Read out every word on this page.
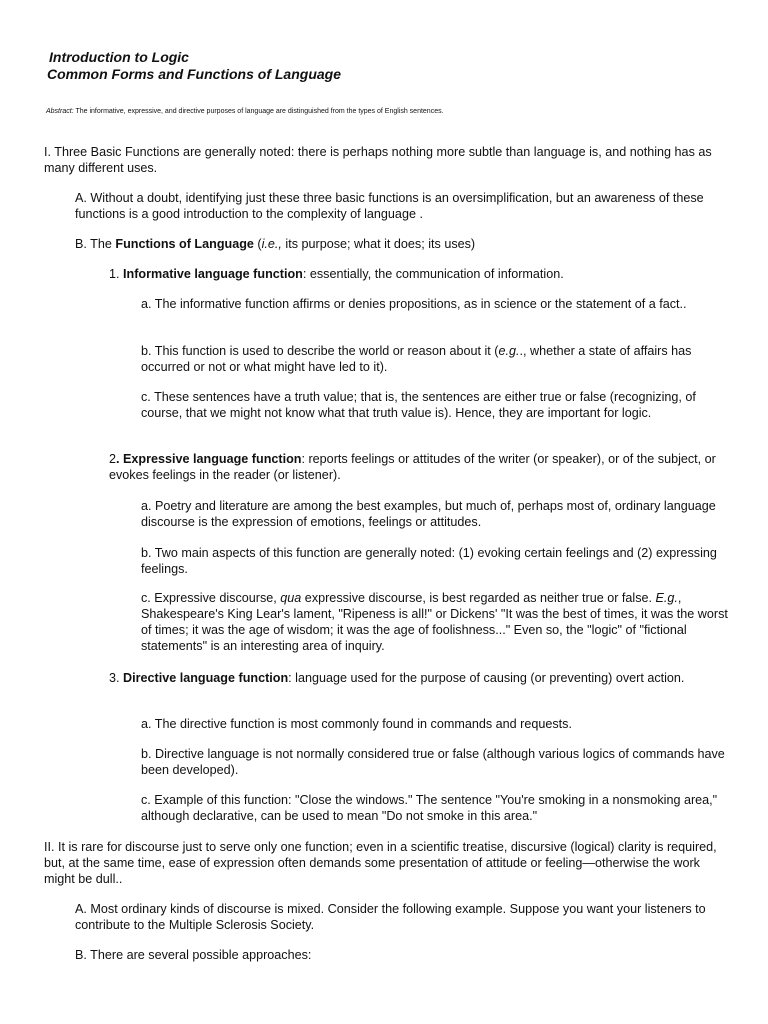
Introduction to Logic

Common Forms and Functions of Language

Abstract: The informative, expressive, and directive purposes of language are distinguished from the types of English sentences.

I. Three Basic Functions are generally noted: there is perhaps nothing more subtle than language is, and nothing has as many different uses.

A. Without a doubt, identifying just these three basic functions is an oversimplification, but an awareness of these functions is a good introduction to the complexity of language .

B. The Functions of Language (i.e., its purpose; what it does; its uses)

1. Informative language function: essentially, the communication of information.

a. The informative function affirms or denies propositions, as in science or the statement of a fact..

b. This function is used to describe the world or reason about it (e.g.., whether a state of affairs has occurred or not or what might have led to it).

c. These sentences have a truth value; that is, the sentences are either true or false (recognizing, of course, that we might not know what that truth value is). Hence, they are important for logic.

2. Expressive language function: reports feelings or attitudes of the writer (or speaker), or of the subject, or evokes feelings in the reader (or listener).

a. Poetry and literature are among the best examples, but much of, perhaps most of, ordinary language discourse is the expression of emotions, feelings or attitudes.

b. Two main aspects of this function are generally noted: (1) evoking certain feelings and (2) expressing feelings.

c. Expressive discourse, qua expressive discourse, is best regarded as neither true or false. E.g., Shakespeare's King Lear's lament, "Ripeness is all!" or Dickens' "It was the best of times, it was the worst of times; it was the age of wisdom; it was the age of foolishness..." Even so, the "logic" of "fictional statements" is an interesting area of inquiry.

3. Directive language function: language used for the purpose of causing (or preventing) overt action.

a. The directive function is most commonly found in commands and requests.

b. Directive language is not normally considered true or false (although various logics of commands have been developed).

c. Example of this function: "Close the windows." The sentence "You're smoking in a nonsmoking area," although declarative, can be used to mean "Do not smoke in this area."

II. It is rare for discourse just to serve only one function; even in a scientific treatise, discursive (logical) clarity is required, but, at the same time, ease of expression often demands some presentation of attitude or feeling—otherwise the work might be dull..

A. Most ordinary kinds of discourse is mixed. Consider the following example. Suppose you want your listeners to contribute to the Multiple Sclerosis Society.

B. There are several possible approaches:
